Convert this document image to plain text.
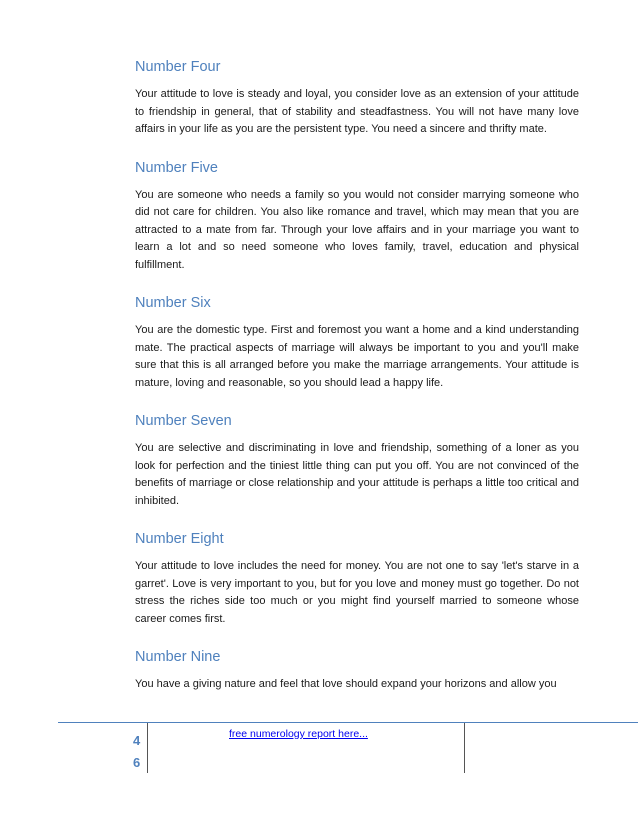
Number Four

Your attitude to love is steady and loyal, you consider love as an extension of your attitude to friendship in general, that of stability and steadfastness. You will not have many love affairs in your life as you are the persistent type. You need a sincere and thrifty mate.

Number Five

You are someone who needs a family so you would not consider marrying someone who did not care for children. You also like romance and travel, which may mean that you are attracted to a mate from far. Through your love affairs and in your marriage you want to learn a lot and so need someone who loves family, travel, education and physical fulfillment.

Number Six

You are the domestic type. First and foremost you want a home and a kind understanding mate. The practical aspects of marriage will always be important to you and you'll make sure that this is all arranged before you make the marriage arrangements. Your attitude is mature, loving and reasonable, so you should lead a happy life.

Number Seven

You are selective and discriminating in love and friendship, something of a loner as you look for perfection and the tiniest little thing can put you off. You are not convinced of the benefits of marriage or close relationship and your attitude is perhaps a little too critical and inhibited.

Number Eight

Your attitude to love includes the need for money. You are not one to say 'let's starve in a garret'. Love is very important to you, but for you love and money must go together. Do not stress the riches side too much or you might find yourself married to someone whose career comes first.

Number Nine

You have a giving nature and feel that love should expand your horizons and allow you

4
6
free numerology report here...
